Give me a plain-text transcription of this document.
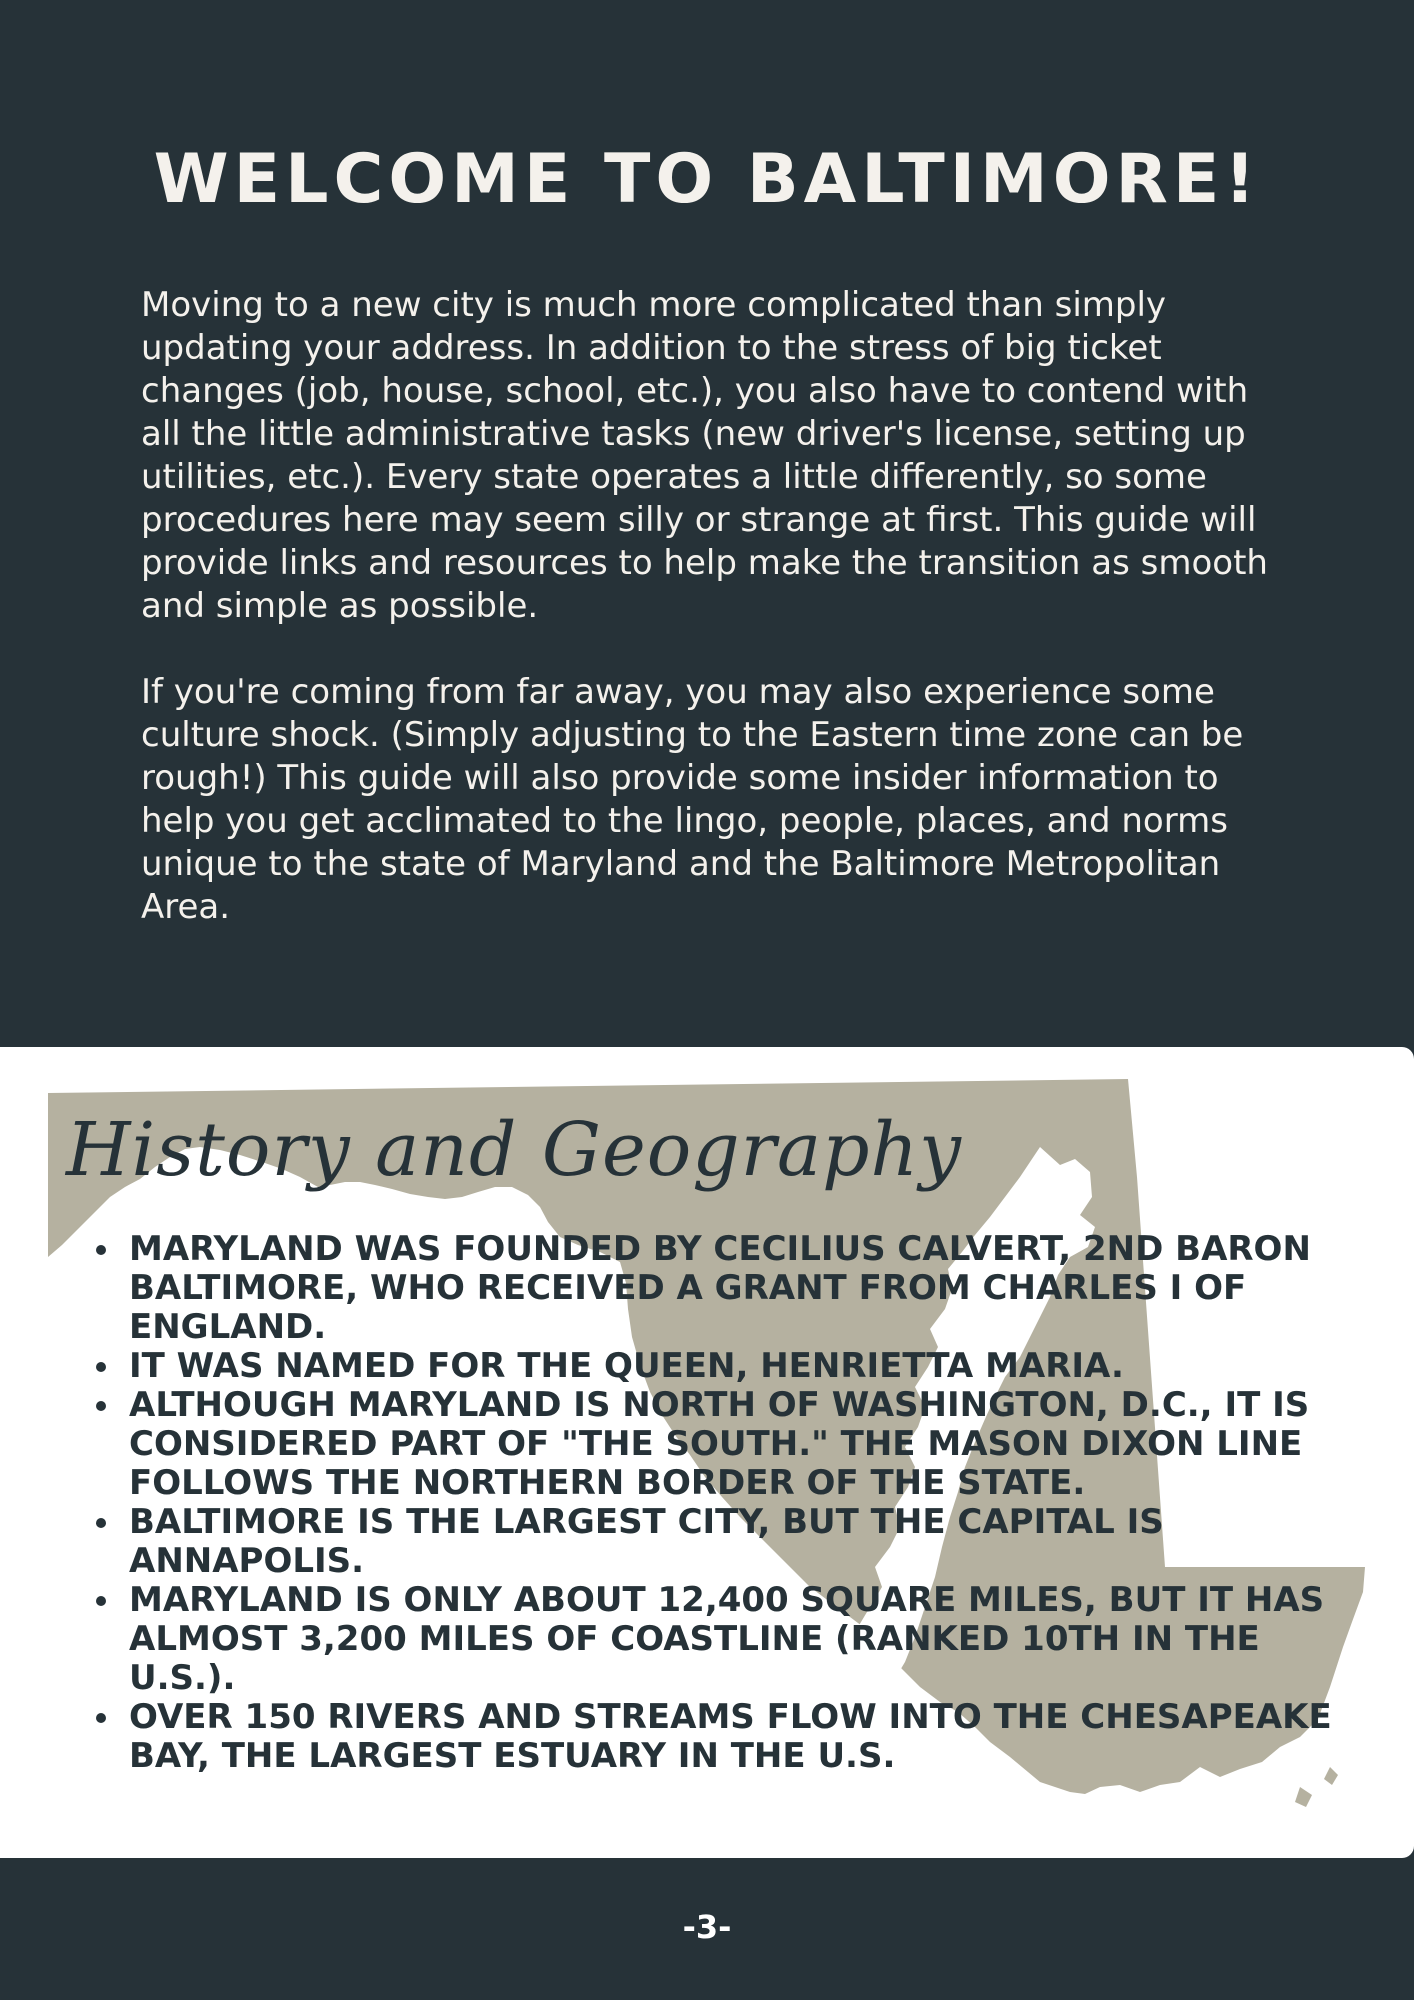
WELCOME TO BALTIMORE!

Moving to a new city is much more complicated than simply updating your address. In addition to the stress of big ticket changes (job, house, school, etc.), you also have to contend with all the little administrative tasks (new driver's license, setting up utilities, etc.). Every state operates a little differently, so some procedures here may seem silly or strange at first. This guide will provide links and resources to help make the transition as smooth and simple as possible.

If you're coming from far away, you may also experience some culture shock. (Simply adjusting to the Eastern time zone can be rough!) This guide will also provide some insider information to help you get acclimated to the lingo, people, places, and norms unique to the state of Maryland and the Baltimore Metropolitan Area.

History and Geography
MARYLAND WAS FOUNDED BY CECILIUS CALVERT, 2ND BARON BALTIMORE, WHO RECEIVED A GRANT FROM CHARLES I OF ENGLAND.
IT WAS NAMED FOR THE QUEEN, HENRIETTA MARIA.
ALTHOUGH MARYLAND IS NORTH OF WASHINGTON, D.C., IT IS CONSIDERED PART OF "THE SOUTH." THE MASON DIXON LINE FOLLOWS THE NORTHERN BORDER OF THE STATE.
BALTIMORE IS THE LARGEST CITY, BUT THE CAPITAL IS ANNAPOLIS.
MARYLAND IS ONLY ABOUT 12,400 SQUARE MILES, BUT IT HAS ALMOST 3,200 MILES OF COASTLINE (RANKED 10TH IN THE U.S.).
OVER 150 RIVERS AND STREAMS FLOW INTO THE CHESAPEAKE BAY, THE LARGEST ESTUARY IN THE U.S.
-3-
